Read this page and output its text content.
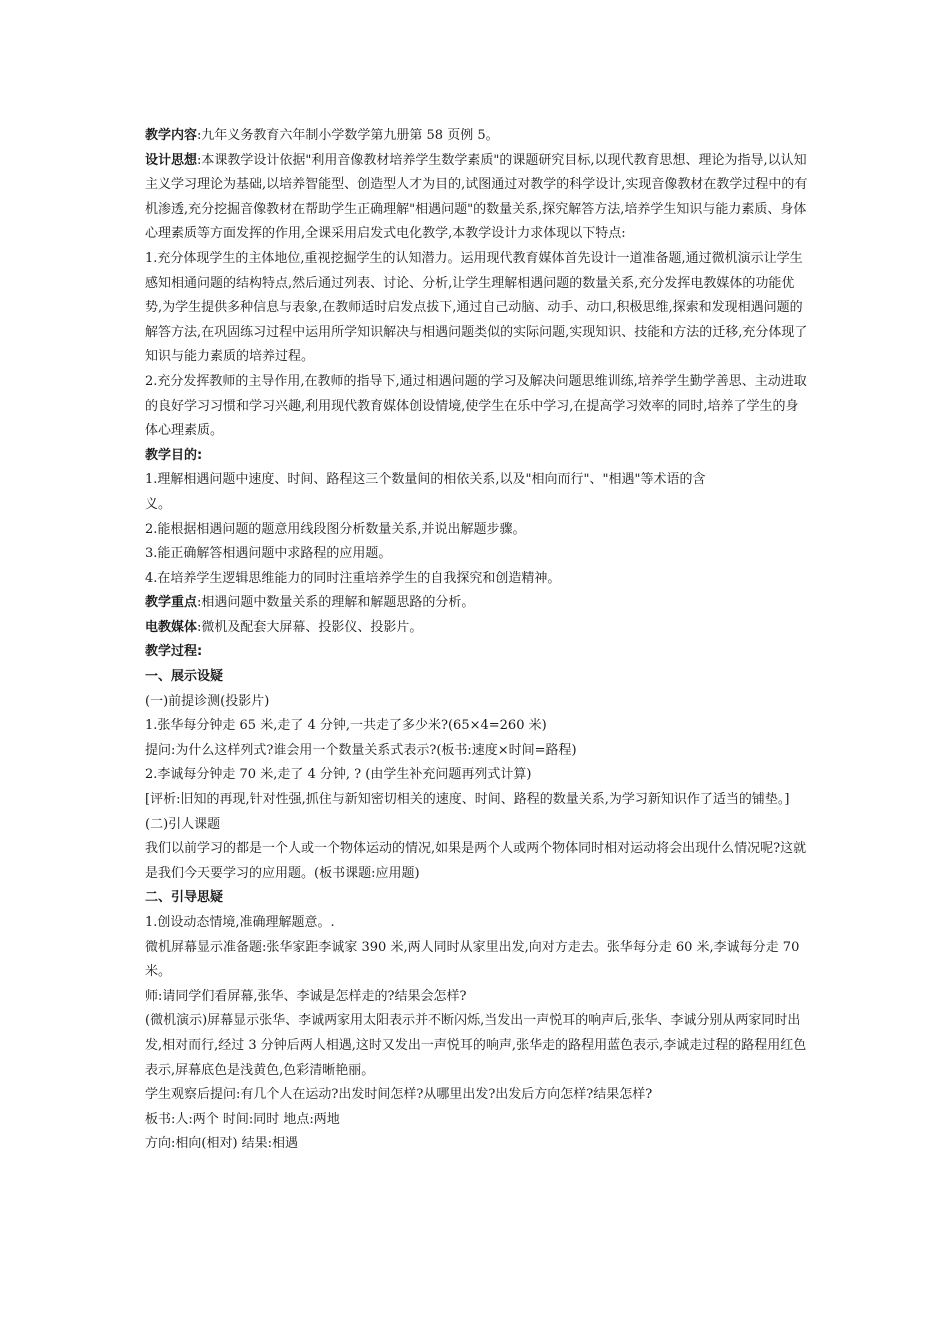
教学内容:九年义务教育六年制小学数学第九册第 58 页例 5。

设计思想:本课教学设计依据"利用音像教材培养学生数学素质"的课题研究目标,以现代教育思想、理论为指导,以认知主义学习理论为基础,以培养智能型、创造型人才为目的,试图通过对教学的科学设计,实现音像教材在教学过程中的有机渗透,充分挖掘音像教材在帮助学生正确理解"相遇问题"的数量关系,探究解答方法,培养学生知识与能力素质、身体心理素质等方面发挥的作用,全课采用启发式电化教学,本教学设计力求体现以下特点:

1.充分体现学生的主体地位,重视挖掘学生的认知潜力。运用现代教育媒体首先设计一道准备题,通过微机演示让学生感知相通问题的结构特点,然后通过列表、讨论、分析,让学生理解相遇问题的数量关系,充分发挥电教媒体的功能优势,为学生提供多种信息与表象,在教师适时启发点拔下,通过自己动脑、动手、动口,积极思维,探索和发现相遇问题的解答方法,在巩固练习过程中运用所学知识解决与相遇问题类似的实际问题,实现知识、技能和方法的迁移,充分体现了知识与能力素质的培养过程。

2.充分发挥教师的主导作用,在教师的指导下,通过相遇问题的学习及解决问题思维训练,培养学生勤学善思、主动进取的良好学习习惯和学习兴趣,利用现代教育媒体创设情境,使学生在乐中学习,在提高学习效率的同时,培养了学生的身体心理素质。

教学目的:

1.理解相遇问题中速度、时间、路程这三个数量间的相依关系,以及"相向而行"、"相遇"等术语的含

义。

2.能根据相遇问题的题意用线段图分析数量关系,并说出解题步骤。

3.能正确解答相遇问题中求路程的应用题。

4.在培养学生逻辑思维能力的同时注重培养学生的自我探究和创造精神。

教学重点:相遇问题中数量关系的理解和解题思路的分析。

电教媒体:微机及配套大屏幕、投影仪、投影片。

教学过程:

一、展示设疑

(一)前提诊测(投影片)

1.张华每分钟走 65 米,走了 4 分钟,一共走了多少米?(65×4=260 米)

提问:为什么这样列式?谁会用一个数量关系式表示?(板书:速度×时间=路程)

2.李诚每分钟走 70 米,走了 4 分钟, ? (由学生补充问题再列式计算)

[评析:旧知的再现,针对性强,抓住与新知密切相关的速度、时间、路程的数量关系,为学习新知识作了适当的铺垫。]

(二)引人课题

我们以前学习的都是一个人或一个物体运动的情况,如果是两个人或两个物体同时相对运动将会出现什么情况呢?这就是我们今天要学习的应用题。(板书课题:应用题)

二、引导思疑

1.创设动态情境,准确理解题意。.

微机屏幕显示准备题:张华家距李诚家 390 米,两人同时从家里出发,向对方走去。张华每分走 60 米,李诚每分走 70 米。

师:请同学们看屏幕,张华、李诚是怎样走的?结果会怎样?

(微机演示)屏幕显示张华、李诚两家用太阳表示并不断闪烁,当发出一声悦耳的响声后,张华、李诚分别从两家同时出发,相对而行,经过 3 分钟后两人相遇,这时又发出一声悦耳的响声,张华走的路程用蓝色表示,李诚走过程的路程用红色表示,屏幕底色是浅黄色,色彩清晰艳丽。

学生观察后提问:有几个人在运动?出发时间怎样?从哪里出发?出发后方向怎样?结果怎样?

板书:人:两个 时间:同时 地点:两地

方向:相向(相对) 结果:相遇
